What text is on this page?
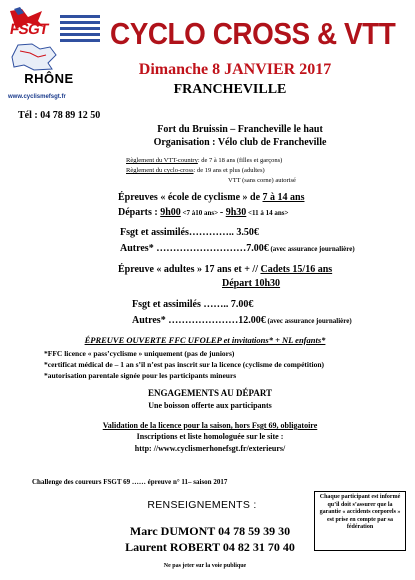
FSGT
RHÔNE
www.cyclismefsgt.fr
CYCLO CROSS & VTT
Dimanche 8 JANVIER 2017
FRANCHEVILLE
Tél : 04 78 89 12 50
Fort du Bruissin – Francheville le haut
Organisation : Vélo club de Francheville
Règlement du VTT-country: de 7 à 18 ans (filles et garçons)
Règlement du cyclo-cross: de 19 ans et plus (adultes)
VTT (sans corne) autorisé
Épreuves « école de cyclisme » de 7 à 14 ans
Départs : 9h00 <7 à10 ans> - 9h30 <11 à 14 ans>
Fsgt et assimilés………….. 3.50€
Autres* ………………………7.00€ (avec assurance journalière)
Épreuve « adultes » 17 ans et + // Cadets 15/16 ans
Départ 10h30
Fsgt et assimilés …….. 7.00€
Autres* …………………12.00€ (avec assurance journalière)
ÉPREUVE OUVERTE FFC UFOLEP et invitations* + NL enfants*
*FFC licence « pass’cyclisme » uniquement (pas de juniors)
*certificat médical de – 1 an s’il n’est pas inscrit sur la licence (cyclisme de compétition)
*autorisation parentale signée pour les participants mineurs
ENGAGEMENTS AU DÉPART
Une boisson offerte aux participants
Validation de la licence pour la saison, hors Fsgt 69, obligatoire
Inscriptions et liste homologuée sur le site :
http: //www.cyclismerhonefsgt.fr/exterieurs/
Challenge des coureurs FSGT 69 …… épreuve n° 11– saison 2017
RENSEIGNEMENTS :
Marc DUMONT 04 78 59 39 30
Laurent ROBERT 04 82 31 70 40
Ne pas jeter sur la voie publique
Chaque participant est informé qu’il doit s’assurer que la garantie « accidents corporels » est prise en compte par sa fédération
